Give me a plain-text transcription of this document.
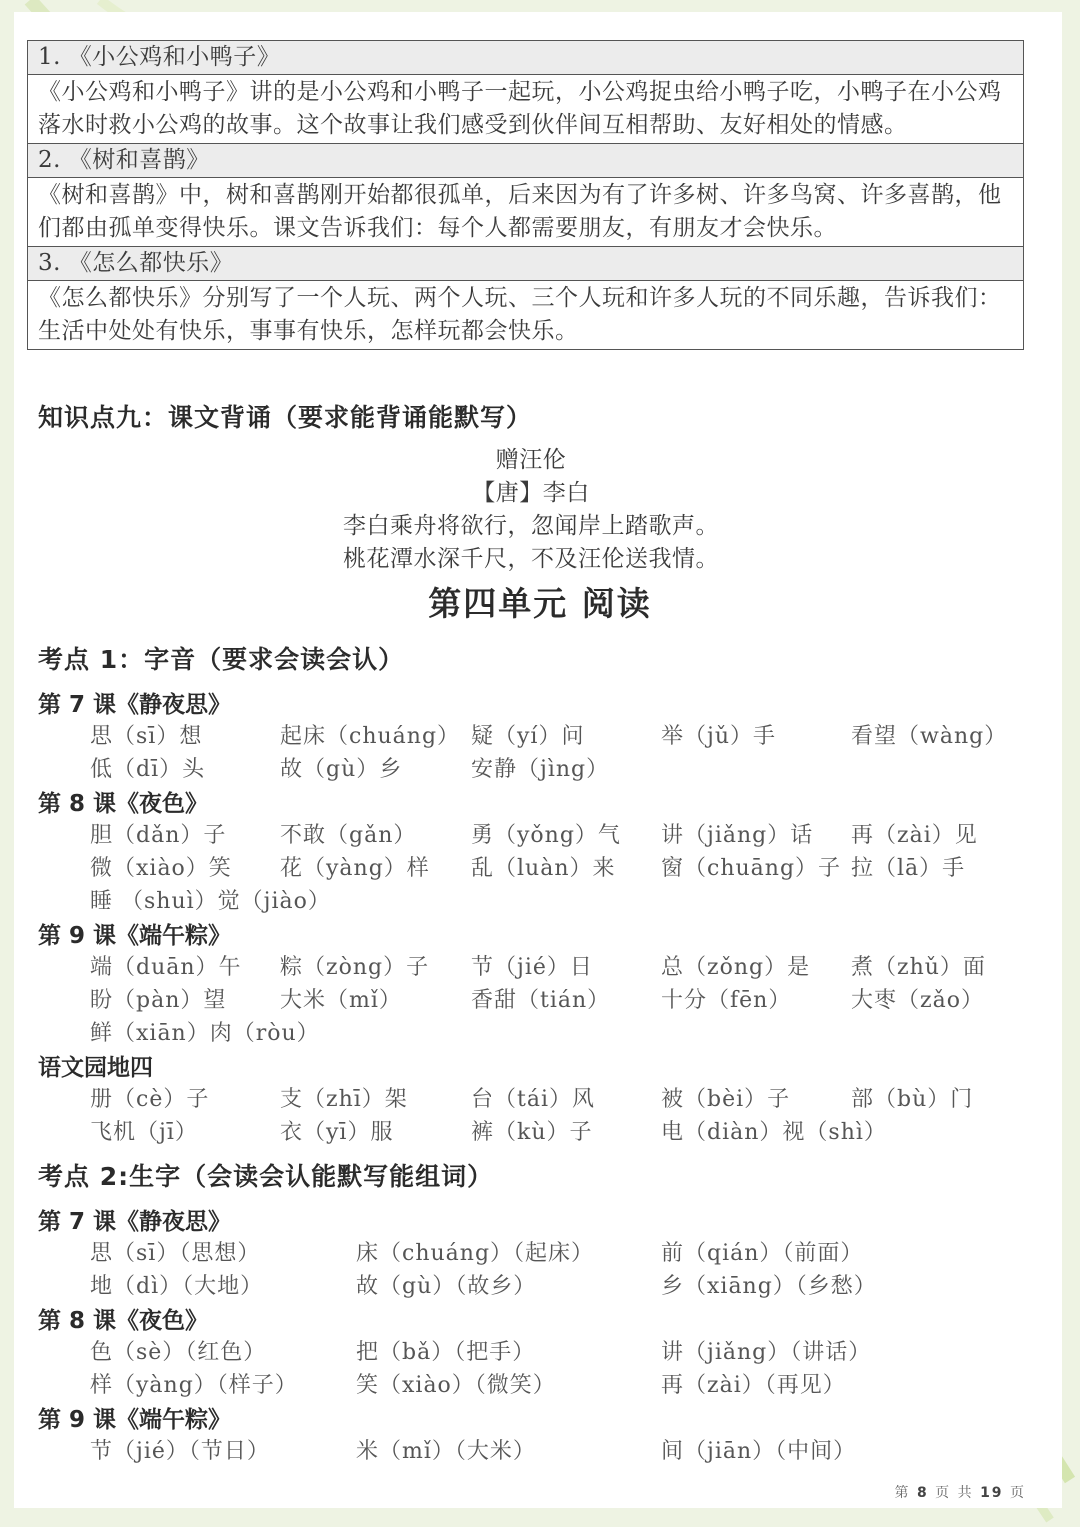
1. 《小公鸡和小鸭子》
《小公鸡和小鸭子》讲的是小公鸡和小鸭子一起玩，小公鸡捉虫给小鸭子吃，小鸭子在小公鸡落水时救小公鸡的故事。这个故事让我们感受到伙伴间互相帮助、友好相处的情感。
2. 《树和喜鹊》
《树和喜鹊》中，树和喜鹊刚开始都很孤单，后来因为有了许多树、许多鸟窝、许多喜鹊，他们都由孤单变得快乐。课文告诉我们：每个人都需要朋友，有朋友才会快乐。
3. 《怎么都快乐》
《怎么都快乐》分别写了一个人玩、两个人玩、三个人玩和许多人玩的不同乐趣，告诉我们：生活中处处有快乐，事事有快乐，怎样玩都会快乐。
知识点九：课文背诵（要求能背诵能默写）
赠汪伦
【唐】李白
李白乘舟将欲行，忽闻岸上踏歌声。
桃花潭水深千尺，不及汪伦送我情。
第四单元 阅读
考点 1：字音（要求会读会认）
第 7 课《静夜思》
思（sī）想	起床（chuáng） 疑（yí）问	举（jǔ）手	看望（wàng）
低（dī）头	故（gù）乡	安静（jìng）
第 8 课《夜色》
胆（dǎn）子 不敢（gǎn） 勇（yǒng）气 讲（jiǎng）话 再（zài）见
微（xiào）笑 花（yàng）样 乱（luàn）来 窗（chuāng）子 拉（lā）手
睡 （shuì）觉（jiào）
第 9 课《端午粽》
端（duān）午 粽（zòng）子 节（jié）日	总（zǒng）是 煮（zhǔ）面
盼（pàn）望 大米（mǐ）	香甜（tián） 十分（fēn）	大枣（zǎo）
鲜（xiān）肉（ròu）
语文园地四
册（cè）子	支（zhī）架	台（tái）风	被（bèi）子	部（bù）门
飞机（jī）	衣（yī）服	裤（kù）子	电（diàn）视（shì）
考点 2:生字（会读会认能默写能组词）
第 7 课《静夜思》
思（sī）（思想）	床（chuáng）（起床）	前（qián）（前面）
地（dì）（大地）	故（gù）（故乡）	乡（xiāng）（乡愁）
第 8 课《夜色》
色（sè）（红色）	把（bǎ）（把手）	讲（jiǎng）（讲话）
样（yàng）（样子）	笑（xiào）（微笑）	再（zài）（再见）
第 9 课《端午粽》
节（jié）（节日）	米（mǐ）（大米）	间（jiān）（中间）
第 8 页 共 19 页
